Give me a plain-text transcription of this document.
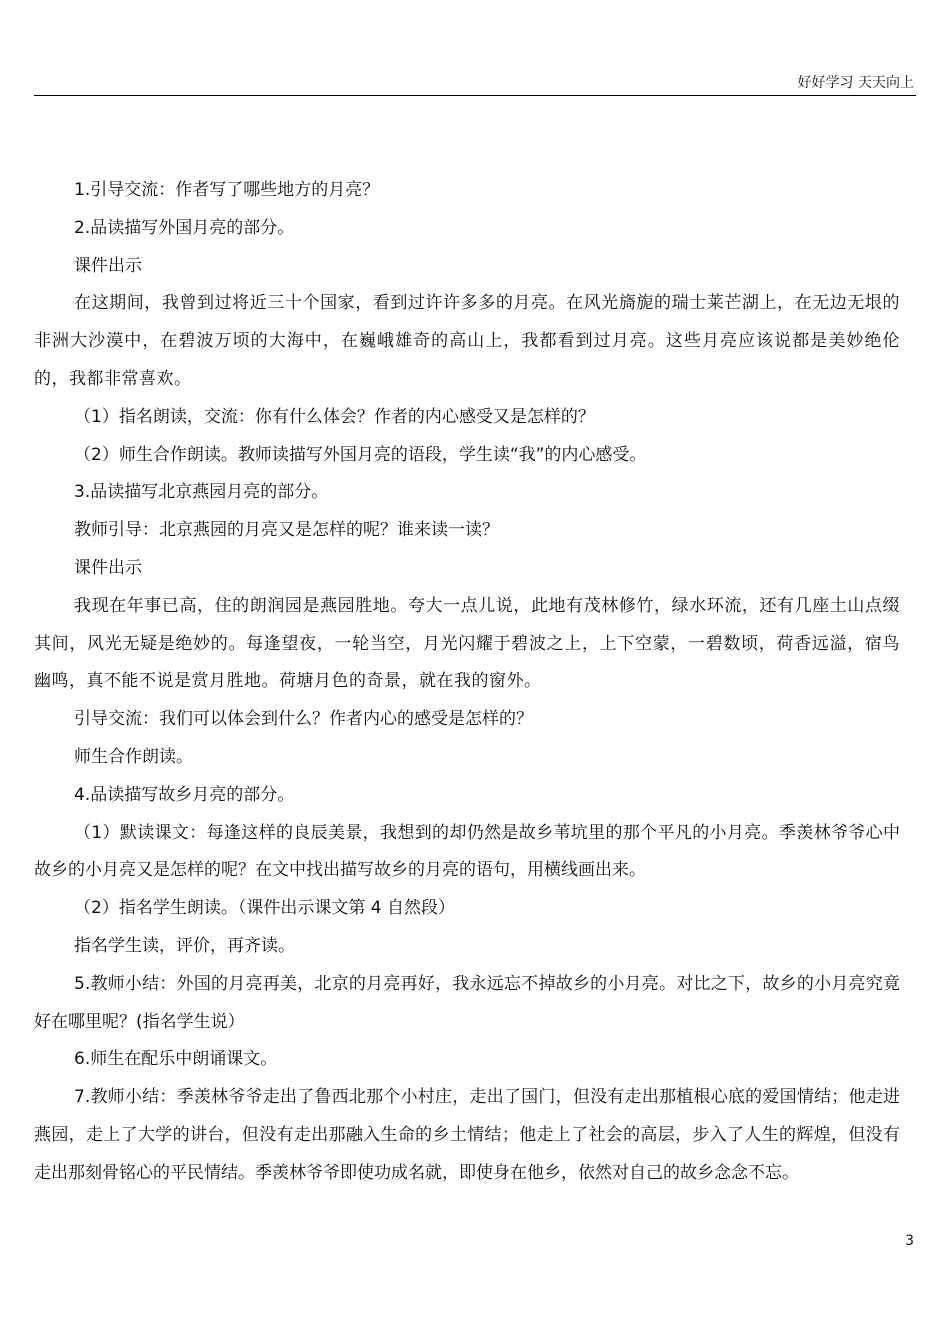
好好学习 天天向上

1.引导交流：作者写了哪些地方的月亮？

2.品读描写外国月亮的部分。

课件出示

在这期间，我曾到过将近三十个国家，看到过许许多多的月亮。在风光旖旎的瑞士莱芒湖上，在无边无垠的非洲大沙漠中，在碧波万顷的大海中，在巍峨雄奇的高山上，我都看到过月亮。这些月亮应该说都是美妙绝伦的，我都非常喜欢。

（1）指名朗读，交流：你有什么体会？作者的内心感受又是怎样的？

（2）师生合作朗读。教师读描写外国月亮的语段，学生读“我”的内心感受。

3.品读描写北京燕园月亮的部分。

教师引导：北京燕园的月亮又是怎样的呢？谁来读一读？

课件出示

我现在年事已高，住的朗润园是燕园胜地。夸大一点儿说，此地有茂林修竹，绿水环流，还有几座土山点缀其间，风光无疑是绝妙的。每逢望夜，一轮当空，月光闪耀于碧波之上，上下空蒙，一碧数顷，荷香远溢，宿鸟幽鸣，真不能不说是赏月胜地。荷塘月色的奇景，就在我的窗外。

引导交流：我们可以体会到什么？作者内心的感受是怎样的？

师生合作朗读。

4.品读描写故乡月亮的部分。

（1）默读课文：每逢这样的良辰美景，我想到的却仍然是故乡苇坑里的那个平凡的小月亮。季羡林爷爷心中故乡的小月亮又是怎样的呢？在文中找出描写故乡的月亮的语句，用横线画出来。

（2）指名学生朗读。（课件出示课文第 4 自然段）

指名学生读，评价，再齐读。

5.教师小结：外国的月亮再美，北京的月亮再好，我永远忘不掉故乡的小月亮。对比之下，故乡的小月亮究竟好在哪里呢？(指名学生说）

6.师生在配乐中朗诵课文。

7.教师小结：季羡林爷爷走出了鲁西北那个小村庄，走出了国门，但没有走出那植根心底的爱国情结；他走进燕园，走上了大学的讲台，但没有走出那融入生命的乡土情结；他走上了社会的高层，步入了人生的辉煌，但没有走出那刻骨铭心的平民情结。季羡林爷爷即使功成名就，即使身在他乡，依然对自己的故乡念念不忘。

3
